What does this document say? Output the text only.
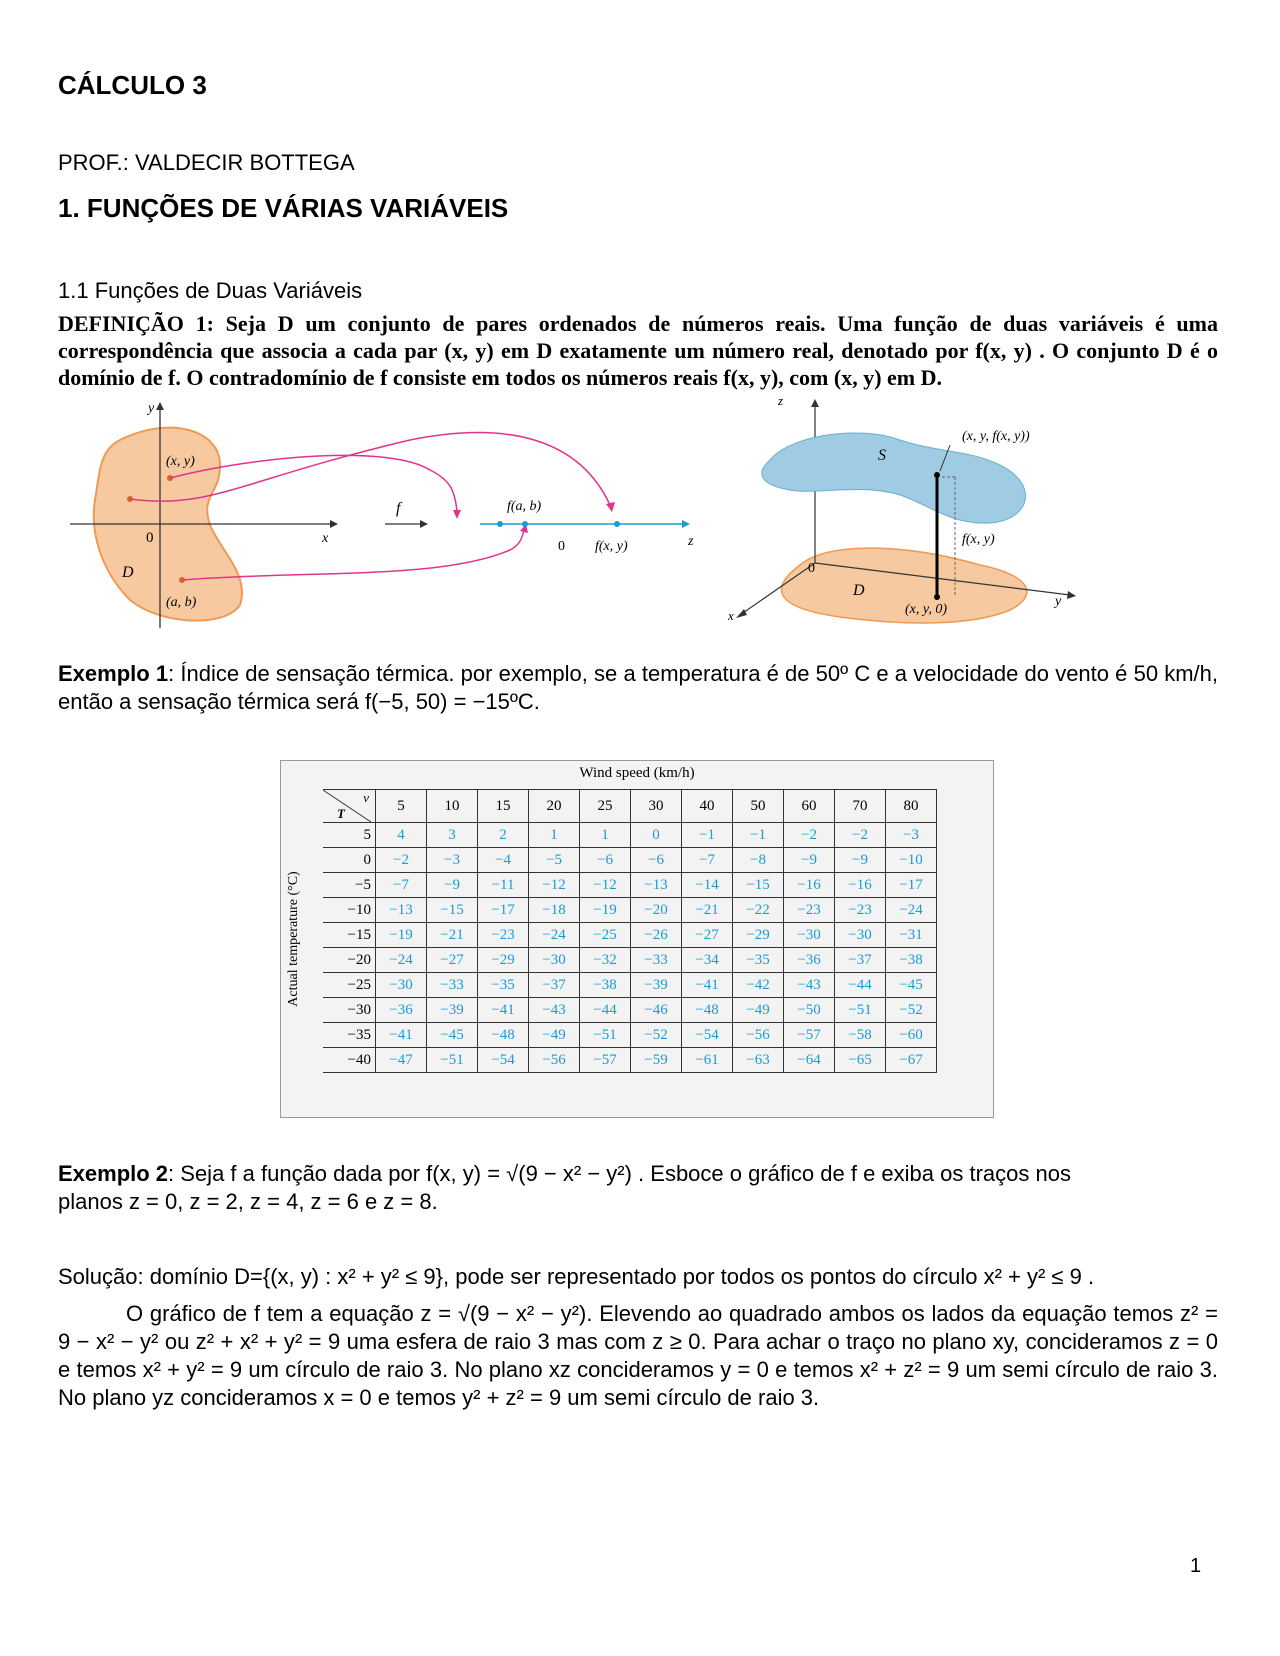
CÁLCULO 3
PROF.: VALDECIR BOTTEGA
1. FUNÇÕES DE VÁRIAS VARIÁVEIS
1.1 Funções de Duas Variáveis
DEFINIÇÃO 1: Seja D um conjunto de pares ordenados de números reais. Uma função de duas variáveis é uma correspondência que associa a cada par (x, y) em D exatamente um número real, denotado por f(x, y) . O conjunto D é o domínio de f. O contradomínio de f consiste em todos os números reais f(x, y), com (x, y) em D.
y
x
0
D
(x, y)
(a, b)
f	f(a, b)
0 f(x, y)	z
z
S
(x, y, f(x, y))
f(x, y)
0
D
(x, y, 0)
x
y
Exemplo 1: Índice de sensação térmica. por exemplo, se a temperatura é de 50º C e a velocidade do vento é 50 km/h, então a sensação térmica será f(−5, 50) = −15ºC.
Wind speed (km/h)
Actual temperature (°C)
v
T	5	10	15	20	25	30	40	50	60	70	80
5	4	3	2	1	1	0	−1	−1	−2	−2	−3
0	−2	−3	−4	−5	−6	−6	−7	−8	−9	−9	−10
−5	−7	−9	−11	−12	−12	−13	−14	−15	−16	−16	−17
−10	−13	−15	−17	−18	−19	−20	−21	−22	−23	−23	−24
−15	−19	−21	−23	−24	−25	−26	−27	−29	−30	−30	−31
−20	−24	−27	−29	−30	−32	−33	−34	−35	−36	−37	−38
−25	−30	−33	−35	−37	−38	−39	−41	−42	−43	−44	−45
−30	−36	−39	−41	−43	−44	−46	−48	−49	−50	−51	−52
−35	−41	−45	−48	−49	−51	−52	−54	−56	−57	−58	−60
−40	−47	−51	−54	−56	−57	−59	−61	−63	−64	−65	−67
Exemplo 2: Seja f a função dada por f(x, y) = √(9 − x² − y²) . Esboce o gráfico de f e exiba os traços nos
planos z = 0, z = 2, z = 4, z = 6 e z = 8.
Solução: domínio D={(x, y) : x² + y² ≤ 9}, pode ser representado por todos os pontos do círculo x² + y² ≤ 9 .
O gráfico de f tem a equação z = √(9 − x² − y²). Elevendo ao quadrado ambos os lados da equação temos z² = 9 − x² − y² ou z² + x² + y² = 9 uma esfera de raio 3 mas com z ≥ 0. Para achar o traço no plano xy, concideramos z = 0 e temos x² + y² = 9 um círculo de raio 3. No plano xz concideramos y = 0 e temos x² + z² = 9 um semi círculo de raio 3. No plano yz concideramos x = 0 e temos y² + z² = 9 um semi círculo de raio 3.
1
